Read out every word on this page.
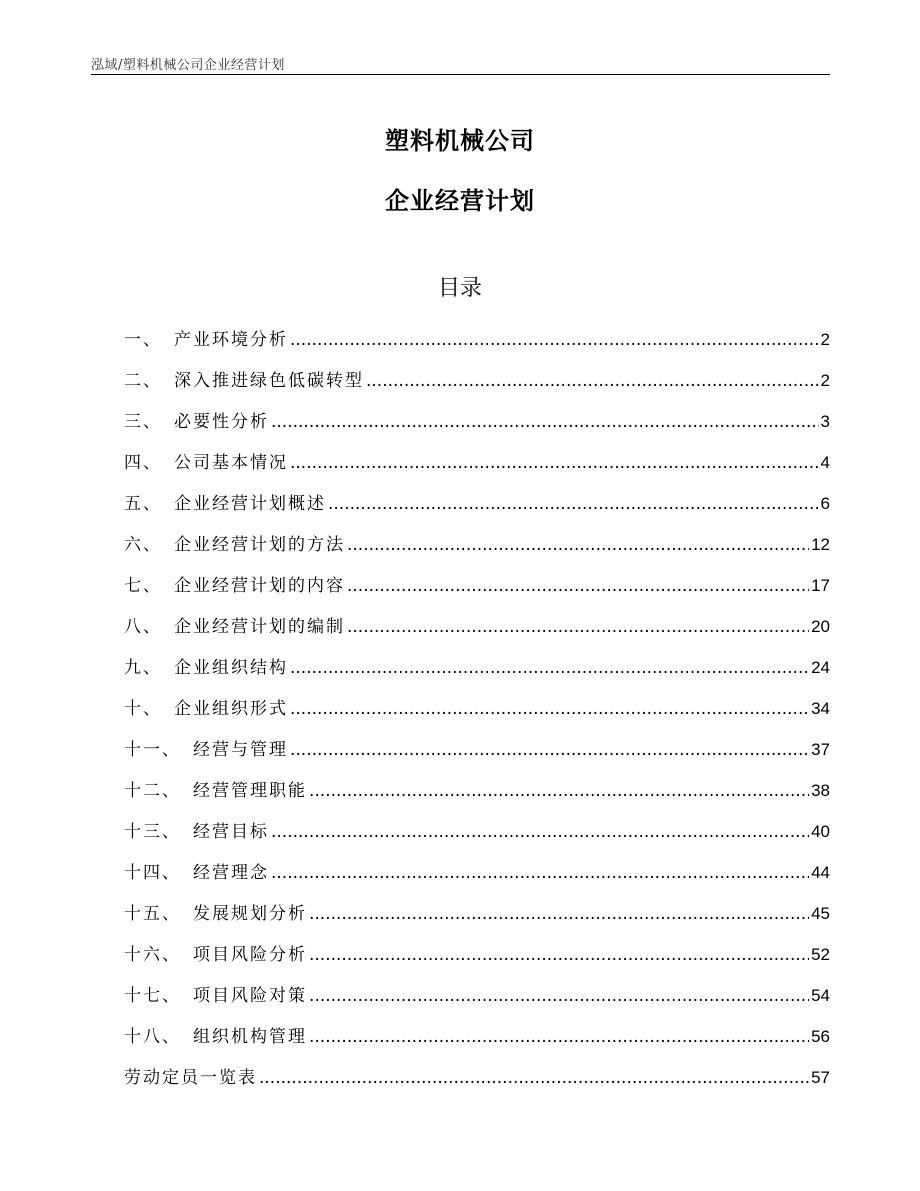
泓域/塑料机械公司企业经营计划
塑料机械公司
企业经营计划
目录
一、 产业环境分析 .....	2
二、 深入推进绿色低碳转型 .....	2
三、 必要性分析 .....	3
四、 公司基本情况 .....	4
五、 企业经营计划概述 .....	6
六、 企业经营计划的方法 .....	12
七、 企业经营计划的内容 .....	17
八、 企业经营计划的编制 .....	20
九、 企业组织结构 .....	24
十、 企业组织形式 .....	34
十一、 经营与管理 .....	37
十二、 经营管理职能 .....	38
十三、 经营目标 .....	40
十四、 经营理念 .....	44
十五、 发展规划分析 .....	45
十六、 项目风险分析 .....	52
十七、 项目风险对策 .....	54
十八、 组织机构管理 .....	56
劳动定员一览表 .....	57
